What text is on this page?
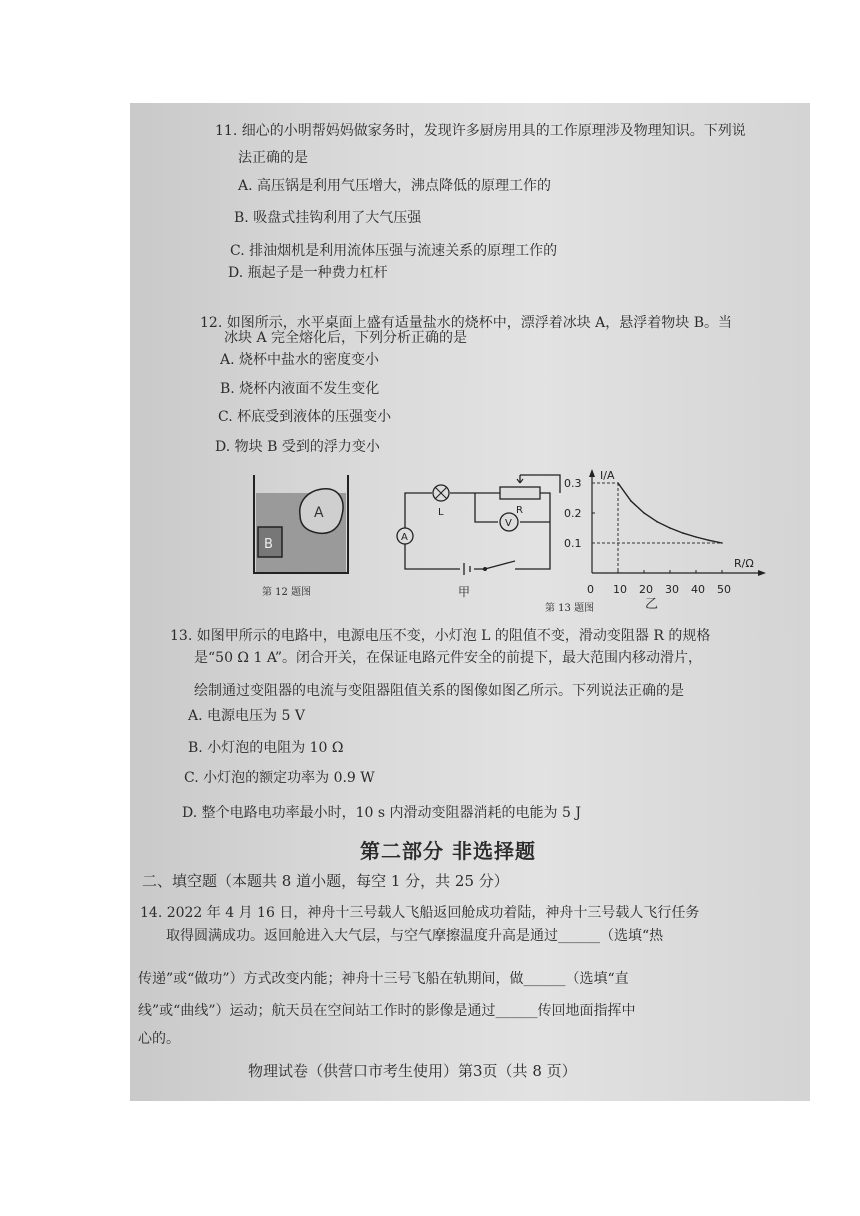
11. 细心的小明帮妈妈做家务时，发现许多厨房用具的工作原理涉及物理知识。下列说
法正确的是
A. 高压锅是利用气压增大，沸点降低的原理工作的
B. 吸盘式挂钩利用了大气压强
C. 排油烟机是利用流体压强与流速关系的原理工作的
D. 瓶起子是一种费力杠杆
12. 如图所示，水平桌面上盛有适量盐水的烧杯中，漂浮着冰块 A，悬浮着物块 B。当
冰块 A 完全熔化后，下列分析正确的是
A. 烧杯中盐水的密度变小
B. 烧杯内液面不发生变化
C. 杯底受到液体的压强变小
D. 物块 B 受到的浮力变小
A
B
第 12 题图
L	R
A
V
甲
I/A
R/Ω
0 10 20 30 40 50
0.1
0.2
0.3
第 13 题图	乙
13. 如图甲所示的电路中，电源电压不变，小灯泡 L 的阻值不变，滑动变阻器 R 的规格
是“50 Ω 1 A”。闭合开关，在保证电路元件安全的前提下，最大范围内移动滑片，
绘制通过变阻器的电流与变阻器阻值关系的图像如图乙所示。下列说法正确的是
A. 电源电压为 5 V
B. 小灯泡的电阻为 10 Ω
C. 小灯泡的额定功率为 0.9 W
D. 整个电路电功率最小时，10 s 内滑动变阻器消耗的电能为 5 J
第二部分 非选择题
二、填空题（本题共 8 道小题，每空 1 分，共 25 分）
14. 2022 年 4 月 16 日，神舟十三号载人飞船返回舱成功着陆，神舟十三号载人飞行任务
取得圆满成功。返回舱进入大气层，与空气摩擦温度升高是通过______（选填“热
传递”或“做功”）方式改变内能；神舟十三号飞船在轨期间，做______（选填“直
线”或“曲线”）运动；航天员在空间站工作时的影像是通过______传回地面指挥中
心的。
物理试卷（供营口市考生使用）第3页（共 8 页）
